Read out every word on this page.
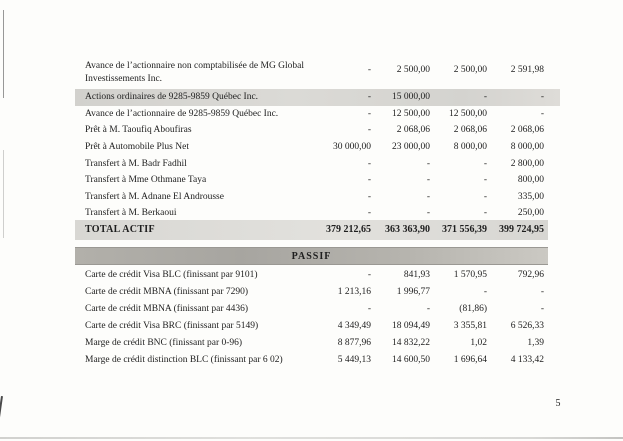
Avance de l’actionnaire non comptabilisée de MG Global Investissements Inc.
-	2 500,00	2 500,00	2 591,98
Actions ordinaires de 9285-9859 Québec Inc.	-	15 000,00	-	-
Avance de l’actionnaire de 9285-9859 Québec Inc.	-	12 500,00	12 500,00	-
Prêt à M. Taoufiq Aboufiras	-	2 068,06	2 068,06	2 068,06
Prêt à Automobile Plus Net	30 000,00	23 000,00	8 000,00	8 000,00
Transfert à M. Badr Fadhil	-	-	-	2 800,00
Transfert à Mme Othmane Taya	-	-	-	800,00
Transfert à M. Adnane El Androusse	-	-	-	335,00
Transfert à M. Berkaoui	-	-	-	250,00
TOTAL ACTIF	379 212,65	363 363,90	371 556,39	399 724,95
PASSIF
Carte de crédit Visa BLC (finissant par 9101)	-	841,93	1 570,95	792,96
Carte de crédit MBNA (finissant par 7290)	1 213,16	1 996,77	-	-
Carte de crédit MBNA (finissant par 4436)	-	-	(81,86)	-
Carte de crédit Visa BRC (finissant par 5149)	4 349,49	18 094,49	3 355,81	6 526,33
Marge de crédit BNC (finissant par 0-96)	8 877,96	14 832,22	1,02	1,39
Marge de crédit distinction BLC (finissant par 6 02)	5 449,13	14 600,50	1 696,64	4 133,42
5
